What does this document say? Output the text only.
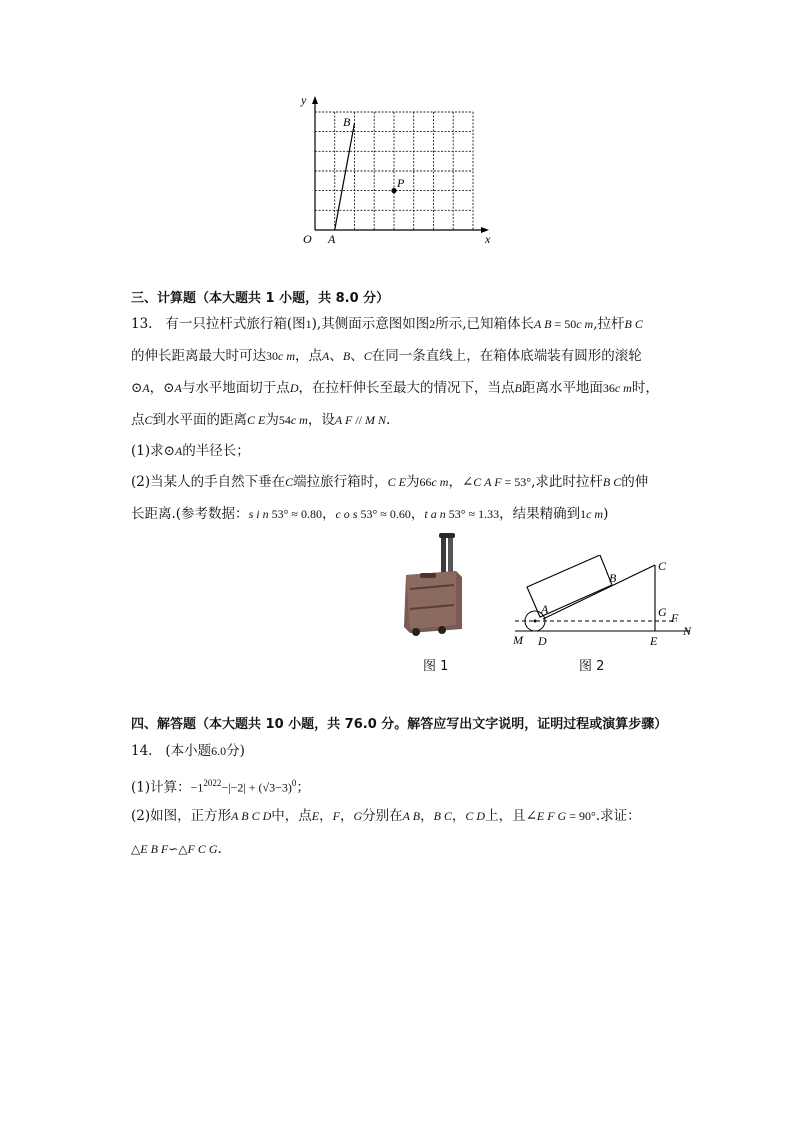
y
x
O A
B
P
三、计算题（本大题共 1 小题，共 8.0 分）
13. 有一只拉杆式旅行箱(图1),其侧面示意图如图2所示,已知箱体长A B = 50c m,拉杆B C
的伸长距离最大时可达30c m，点A、B、C在同一条直线上，在箱体底端装有圆形的滚轮
⊙A，⊙A与水平地面切于点D，在拉杆伸长至最大的情况下，当点B距离水平地面36c m时，
点C到水平面的距离C E为54c m，设A F // M N.
(1)求⊙A的半径长；
(2)当某人的手自然下垂在C端拉旅行箱时，C E为66c m，∠C A F = 53°,求此时拉杆B C的伸
长距离.(参考数据：s i n 53° ≈ 0.80，c o s 53° ≈ 0.60，t a n 53° ≈ 1.33，结果精确到1c m)
图 1
A
B
C
G F
M D	E
N
图 2
四、解答题（本大题共 10 小题，共 76.0 分。解答应写出文字说明，证明过程或演算步骤）
14. (本小题6.0分)
(1)计算：$-1^{2022}-|-2| + (√3-3)^0$；
(2)如图，正方形A B C D中，点E，F，G分别在A B，B C，C D上，且∠E F G = 90°.求证：
△E B F∽△F C G.
